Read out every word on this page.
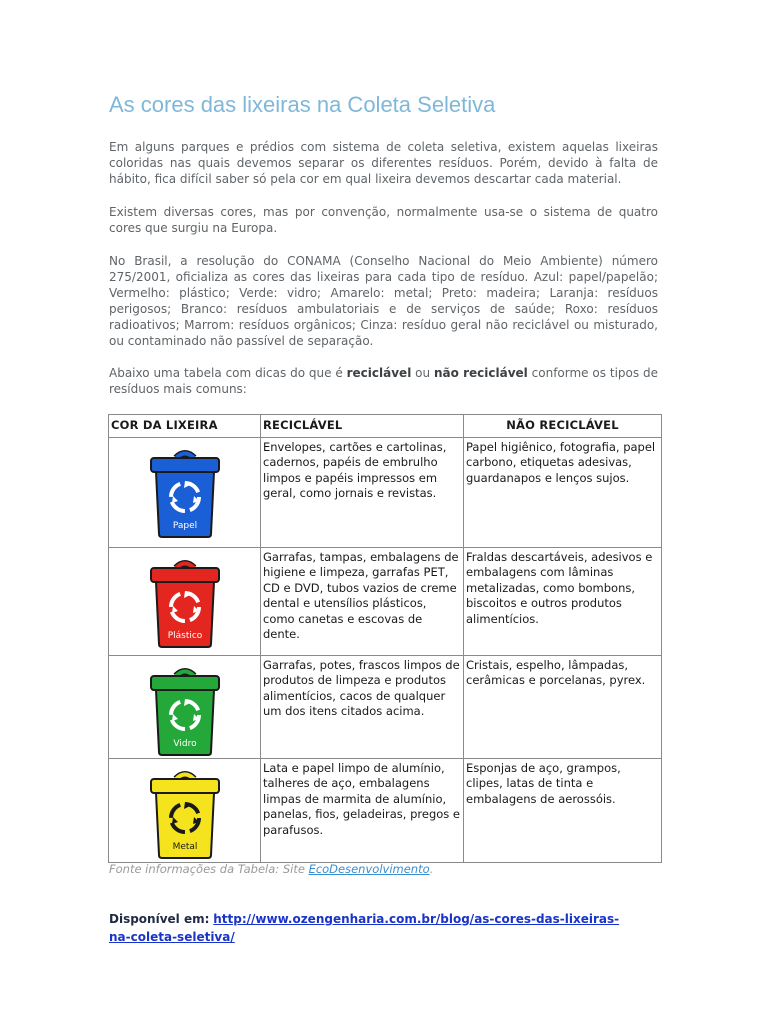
As cores das lixeiras na Coleta Seletiva

Em alguns parques e prédios com sistema de coleta seletiva, existem aquelas lixeiras coloridas nas quais devemos separar os diferentes resíduos. Porém, devido à falta de hábito, fica difícil saber só pela cor em qual lixeira devemos descartar cada material.

Existem diversas cores, mas por convenção, normalmente usa-se o sistema de quatro cores que surgiu na Europa.

No Brasil, a resolução do CONAMA (Conselho Nacional do Meio Ambiente) número 275/2001, oficializa as cores das lixeiras para cada tipo de resíduo. Azul: papel/papelão; Vermelho: plástico; Verde: vidro; Amarelo: metal; Preto: madeira; Laranja: resíduos perigosos; Branco: resíduos ambulatoriais e de serviços de saúde; Roxo: resíduos radioativos; Marrom: resíduos orgânicos; Cinza: resíduo geral não reciclável ou misturado, ou contaminado não passível de separação.

Abaixo uma tabela com dicas do que é reciclável ou não reciclável conforme os tipos de resíduos mais comuns:

COR DA LIXEIRA	RECICLÁVEL	NÃO RECICLÁVEL

Papel	Envelopes, cartões e cartolinas, cadernos, papéis de embrulho limpos e papéis impressos em geral, como jornais e revistas.	Papel higiênico, fotografia, papel carbono, etiquetas adesivas, guardanapos e lenços sujos.

Plástico	Garrafas, tampas, embalagens de higiene e limpeza, garrafas PET, CD e DVD, tubos vazios de creme dental e utensílios plásticos, como canetas e escovas de dente.	Fraldas descartáveis, adesivos e embalagens com lâminas metalizadas, como bombons, biscoitos e outros produtos alimentícios.

Vidro	Garrafas, potes, frascos limpos de produtos de limpeza e produtos alimentícios, cacos de qualquer um dos itens citados acima.	Cristais, espelho, lâmpadas, cerâmicas e porcelanas, pyrex.

Metal	Lata e papel limpo de alumínio, talheres de aço, embalagens limpas de marmita de alumínio, panelas, fios, geladeiras, pregos e parafusos.	Esponjas de aço, grampos, clipes, latas de tinta e embalagens de aerossóis.

Fonte informações da Tabela: Site EcoDesenvolvimento.

Disponível em: http://www.ozengenharia.com.br/blog/as-cores-das-lixeiras-na-coleta-seletiva/
